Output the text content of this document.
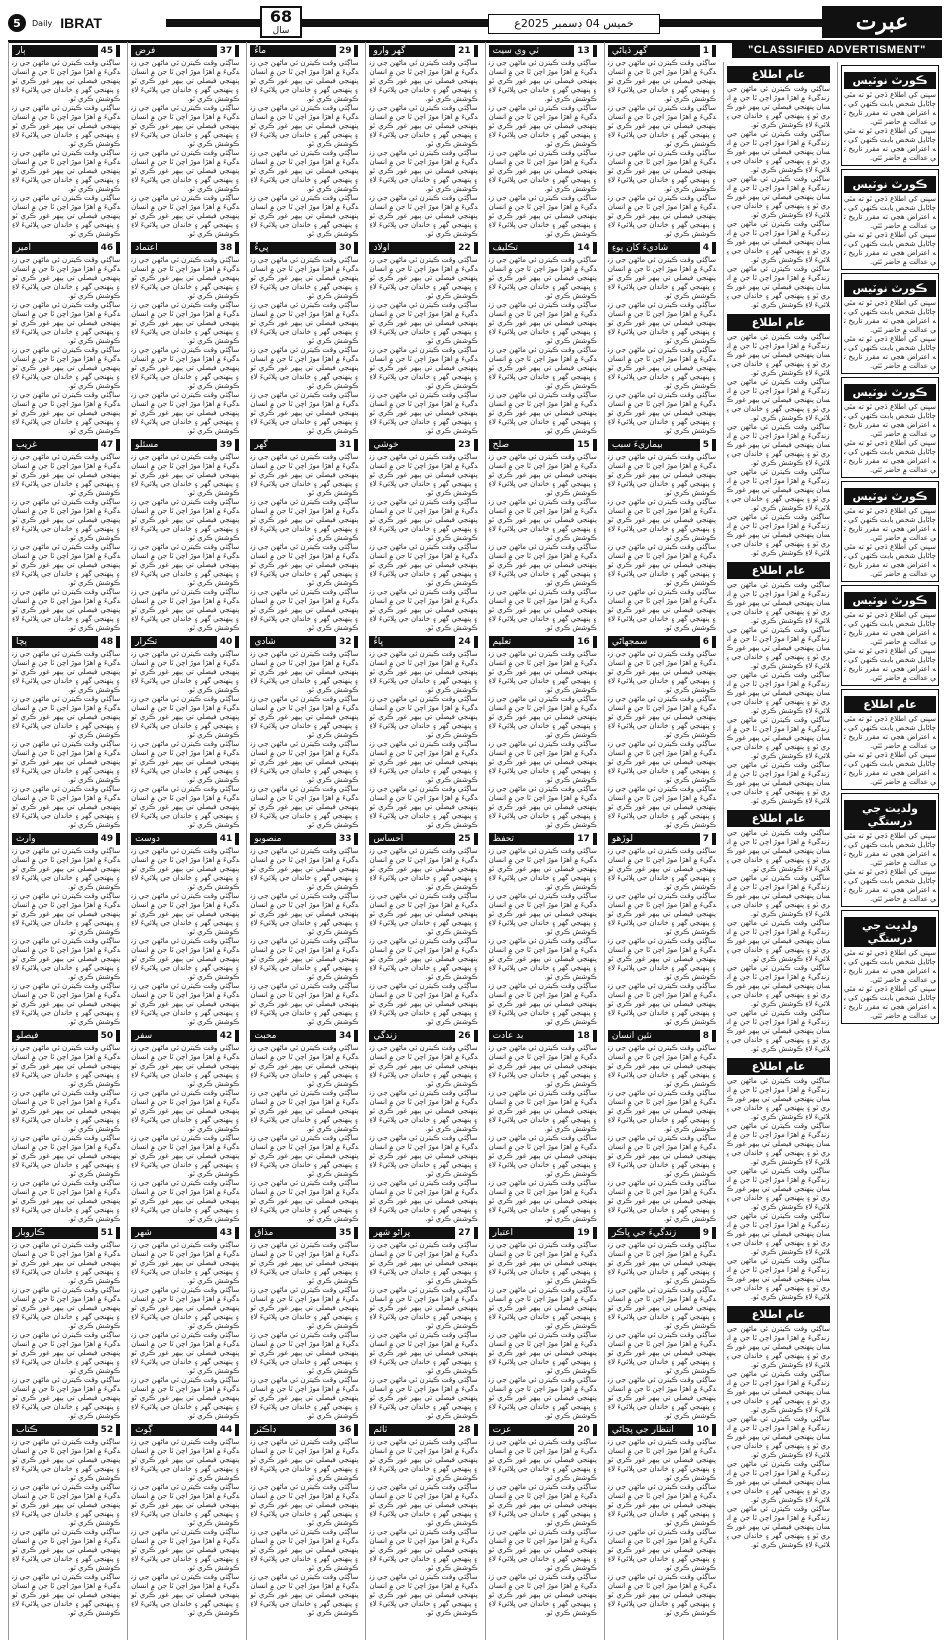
5	Daily IBRAT	68
سال
خميس 04 ڊسمبر 2025ع	عبرت
"CLASSIFIED ADVERTISMENT"
ڪورٽ نوٽيس
سڀني کي اطلاع ڏجي ٿو ته مٿي ڄاڻايل شخص بابت ڪنهن کي به اعتراض هجي ته مقرر تاريخ تي عدالت ۾ حاضر ٿئي.
سڀني کي اطلاع ڏجي ٿو ته مٿي ڄاڻايل شخص بابت ڪنهن کي به اعتراض هجي ته مقرر تاريخ تي عدالت ۾ حاضر ٿئي.
ڪورٽ نوٽيس
سڀني کي اطلاع ڏجي ٿو ته مٿي ڄاڻايل شخص بابت ڪنهن کي به اعتراض هجي ته مقرر تاريخ تي عدالت ۾ حاضر ٿئي.
سڀني کي اطلاع ڏجي ٿو ته مٿي ڄاڻايل شخص بابت ڪنهن کي به اعتراض هجي ته مقرر تاريخ تي عدالت ۾ حاضر ٿئي.
ڪورٽ نوٽيس
سڀني کي اطلاع ڏجي ٿو ته مٿي ڄاڻايل شخص بابت ڪنهن کي به اعتراض هجي ته مقرر تاريخ تي عدالت ۾ حاضر ٿئي.
سڀني کي اطلاع ڏجي ٿو ته مٿي ڄاڻايل شخص بابت ڪنهن کي به اعتراض هجي ته مقرر تاريخ تي عدالت ۾ حاضر ٿئي.
ڪورٽ نوٽيس
سڀني کي اطلاع ڏجي ٿو ته مٿي ڄاڻايل شخص بابت ڪنهن کي به اعتراض هجي ته مقرر تاريخ تي عدالت ۾ حاضر ٿئي.
سڀني کي اطلاع ڏجي ٿو ته مٿي ڄاڻايل شخص بابت ڪنهن کي به اعتراض هجي ته مقرر تاريخ تي عدالت ۾ حاضر ٿئي.
ڪورٽ نوٽيس
سڀني کي اطلاع ڏجي ٿو ته مٿي ڄاڻايل شخص بابت ڪنهن کي به اعتراض هجي ته مقرر تاريخ تي عدالت ۾ حاضر ٿئي.
سڀني کي اطلاع ڏجي ٿو ته مٿي ڄاڻايل شخص بابت ڪنهن کي به اعتراض هجي ته مقرر تاريخ تي عدالت ۾ حاضر ٿئي.
ڪورٽ نوٽيس
سڀني کي اطلاع ڏجي ٿو ته مٿي ڄاڻايل شخص بابت ڪنهن کي به اعتراض هجي ته مقرر تاريخ تي عدالت ۾ حاضر ٿئي.
سڀني کي اطلاع ڏجي ٿو ته مٿي ڄاڻايل شخص بابت ڪنهن کي به اعتراض هجي ته مقرر تاريخ تي عدالت ۾ حاضر ٿئي.
عام اطلاع
سڀني کي اطلاع ڏجي ٿو ته مٿي ڄاڻايل شخص بابت ڪنهن کي به اعتراض هجي ته مقرر تاريخ تي عدالت ۾ حاضر ٿئي.
سڀني کي اطلاع ڏجي ٿو ته مٿي ڄاڻايل شخص بابت ڪنهن کي به اعتراض هجي ته مقرر تاريخ تي عدالت ۾ حاضر ٿئي.
ولديت جي درستگي
سڀني کي اطلاع ڏجي ٿو ته مٿي ڄاڻايل شخص بابت ڪنهن کي به اعتراض هجي ته مقرر تاريخ تي عدالت ۾ حاضر ٿئي.
سڀني کي اطلاع ڏجي ٿو ته مٿي ڄاڻايل شخص بابت ڪنهن کي به اعتراض هجي ته مقرر تاريخ تي عدالت ۾ حاضر ٿئي.
ولديت جي درستگي
سڀني کي اطلاع ڏجي ٿو ته مٿي ڄاڻايل شخص بابت ڪنهن کي به اعتراض هجي ته مقرر تاريخ تي عدالت ۾ حاضر ٿئي.
سڀني کي اطلاع ڏجي ٿو ته مٿي ڄاڻايل شخص بابت ڪنهن کي به اعتراض هجي ته مقرر تاريخ تي عدالت ۾ حاضر ٿئي.
عام اطلاع
ساڳئي وقت ڪيترن ئي ماڻهن جي زندگيءَ ۾ اهڙا موڙ اچن ٿا جن ۾ انسان پنهنجي فيصلي تي ٻيهر غور ڪري ٿو ۽ پنهنجي گهر ۽ خاندان جي ڀلائيءَ لاءِ ڪوشش ڪري ٿو.
ساڳئي وقت ڪيترن ئي ماڻهن جي زندگيءَ ۾ اهڙا موڙ اچن ٿا جن ۾ انسان پنهنجي فيصلي تي ٻيهر غور ڪري ٿو ۽ پنهنجي گهر ۽ خاندان جي ڀلائيءَ لاءِ ڪوشش ڪري ٿو.
ساڳئي وقت ڪيترن ئي ماڻهن جي زندگيءَ ۾ اهڙا موڙ اچن ٿا جن ۾ انسان پنهنجي فيصلي تي ٻيهر غور ڪري ٿو ۽ پنهنجي گهر ۽ خاندان جي ڀلائيءَ لاءِ ڪوشش ڪري ٿو.
ساڳئي وقت ڪيترن ئي ماڻهن جي زندگيءَ ۾ اهڙا موڙ اچن ٿا جن ۾ انسان پنهنجي فيصلي تي ٻيهر غور ڪري ٿو ۽ پنهنجي گهر ۽ خاندان جي ڀلائيءَ لاءِ ڪوشش ڪري ٿو.
ساڳئي وقت ڪيترن ئي ماڻهن جي زندگيءَ ۾ اهڙا موڙ اچن ٿا جن ۾ انسان پنهنجي فيصلي تي ٻيهر غور ڪري ٿو ۽ پنهنجي گهر ۽ خاندان جي ڀلائيءَ لاءِ ڪوشش ڪري ٿو.
عام اطلاع
ساڳئي وقت ڪيترن ئي ماڻهن جي زندگيءَ ۾ اهڙا موڙ اچن ٿا جن ۾ انسان پنهنجي فيصلي تي ٻيهر غور ڪري ٿو ۽ پنهنجي گهر ۽ خاندان جي ڀلائيءَ لاءِ ڪوشش ڪري ٿو.
ساڳئي وقت ڪيترن ئي ماڻهن جي زندگيءَ ۾ اهڙا موڙ اچن ٿا جن ۾ انسان پنهنجي فيصلي تي ٻيهر غور ڪري ٿو ۽ پنهنجي گهر ۽ خاندان جي ڀلائيءَ لاءِ ڪوشش ڪري ٿو.
ساڳئي وقت ڪيترن ئي ماڻهن جي زندگيءَ ۾ اهڙا موڙ اچن ٿا جن ۾ انسان پنهنجي فيصلي تي ٻيهر غور ڪري ٿو ۽ پنهنجي گهر ۽ خاندان جي ڀلائيءَ لاءِ ڪوشش ڪري ٿو.
ساڳئي وقت ڪيترن ئي ماڻهن جي زندگيءَ ۾ اهڙا موڙ اچن ٿا جن ۾ انسان پنهنجي فيصلي تي ٻيهر غور ڪري ٿو ۽ پنهنجي گهر ۽ خاندان جي ڀلائيءَ لاءِ ڪوشش ڪري ٿو.
ساڳئي وقت ڪيترن ئي ماڻهن جي زندگيءَ ۾ اهڙا موڙ اچن ٿا جن ۾ انسان پنهنجي فيصلي تي ٻيهر غور ڪري ٿو ۽ پنهنجي گهر ۽ خاندان جي ڀلائيءَ لاءِ ڪوشش ڪري ٿو.
عام اطلاع
ساڳئي وقت ڪيترن ئي ماڻهن جي زندگيءَ ۾ اهڙا موڙ اچن ٿا جن ۾ انسان پنهنجي فيصلي تي ٻيهر غور ڪري ٿو ۽ پنهنجي گهر ۽ خاندان جي ڀلائيءَ لاءِ ڪوشش ڪري ٿو.
ساڳئي وقت ڪيترن ئي ماڻهن جي زندگيءَ ۾ اهڙا موڙ اچن ٿا جن ۾ انسان پنهنجي فيصلي تي ٻيهر غور ڪري ٿو ۽ پنهنجي گهر ۽ خاندان جي ڀلائيءَ لاءِ ڪوشش ڪري ٿو.
ساڳئي وقت ڪيترن ئي ماڻهن جي زندگيءَ ۾ اهڙا موڙ اچن ٿا جن ۾ انسان پنهنجي فيصلي تي ٻيهر غور ڪري ٿو ۽ پنهنجي گهر ۽ خاندان جي ڀلائيءَ لاءِ ڪوشش ڪري ٿو.
ساڳئي وقت ڪيترن ئي ماڻهن جي زندگيءَ ۾ اهڙا موڙ اچن ٿا جن ۾ انسان پنهنجي فيصلي تي ٻيهر غور ڪري ٿو ۽ پنهنجي گهر ۽ خاندان جي ڀلائيءَ لاءِ ڪوشش ڪري ٿو.
ساڳئي وقت ڪيترن ئي ماڻهن جي زندگيءَ ۾ اهڙا موڙ اچن ٿا جن ۾ انسان پنهنجي فيصلي تي ٻيهر غور ڪري ٿو ۽ پنهنجي گهر ۽ خاندان جي ڀلائيءَ لاءِ ڪوشش ڪري ٿو.
عام اطلاع
ساڳئي وقت ڪيترن ئي ماڻهن جي زندگيءَ ۾ اهڙا موڙ اچن ٿا جن ۾ انسان پنهنجي فيصلي تي ٻيهر غور ڪري ٿو ۽ پنهنجي گهر ۽ خاندان جي ڀلائيءَ لاءِ ڪوشش ڪري ٿو.
ساڳئي وقت ڪيترن ئي ماڻهن جي زندگيءَ ۾ اهڙا موڙ اچن ٿا جن ۾ انسان پنهنجي فيصلي تي ٻيهر غور ڪري ٿو ۽ پنهنجي گهر ۽ خاندان جي ڀلائيءَ لاءِ ڪوشش ڪري ٿو.
ساڳئي وقت ڪيترن ئي ماڻهن جي زندگيءَ ۾ اهڙا موڙ اچن ٿا جن ۾ انسان پنهنجي فيصلي تي ٻيهر غور ڪري ٿو ۽ پنهنجي گهر ۽ خاندان جي ڀلائيءَ لاءِ ڪوشش ڪري ٿو.
ساڳئي وقت ڪيترن ئي ماڻهن جي زندگيءَ ۾ اهڙا موڙ اچن ٿا جن ۾ انسان پنهنجي فيصلي تي ٻيهر غور ڪري ٿو ۽ پنهنجي گهر ۽ خاندان جي ڀلائيءَ لاءِ ڪوشش ڪري ٿو.
ساڳئي وقت ڪيترن ئي ماڻهن جي زندگيءَ ۾ اهڙا موڙ اچن ٿا جن ۾ انسان پنهنجي فيصلي تي ٻيهر غور ڪري ٿو ۽ پنهنجي گهر ۽ خاندان جي ڀلائيءَ لاءِ ڪوشش ڪري ٿو.
عام اطلاع
ساڳئي وقت ڪيترن ئي ماڻهن جي زندگيءَ ۾ اهڙا موڙ اچن ٿا جن ۾ انسان پنهنجي فيصلي تي ٻيهر غور ڪري ٿو ۽ پنهنجي گهر ۽ خاندان جي ڀلائيءَ لاءِ ڪوشش ڪري ٿو.
ساڳئي وقت ڪيترن ئي ماڻهن جي زندگيءَ ۾ اهڙا موڙ اچن ٿا جن ۾ انسان پنهنجي فيصلي تي ٻيهر غور ڪري ٿو ۽ پنهنجي گهر ۽ خاندان جي ڀلائيءَ لاءِ ڪوشش ڪري ٿو.
ساڳئي وقت ڪيترن ئي ماڻهن جي زندگيءَ ۾ اهڙا موڙ اچن ٿا جن ۾ انسان پنهنجي فيصلي تي ٻيهر غور ڪري ٿو ۽ پنهنجي گهر ۽ خاندان جي ڀلائيءَ لاءِ ڪوشش ڪري ٿو.
ساڳئي وقت ڪيترن ئي ماڻهن جي زندگيءَ ۾ اهڙا موڙ اچن ٿا جن ۾ انسان پنهنجي فيصلي تي ٻيهر غور ڪري ٿو ۽ پنهنجي گهر ۽ خاندان جي ڀلائيءَ لاءِ ڪوشش ڪري ٿو.
ساڳئي وقت ڪيترن ئي ماڻهن جي زندگيءَ ۾ اهڙا موڙ اچن ٿا جن ۾ انسان پنهنجي فيصلي تي ٻيهر غور ڪري ٿو ۽ پنهنجي گهر ۽ خاندان جي ڀلائيءَ لاءِ ڪوشش ڪري ٿو.
عام اطلاع
ساڳئي وقت ڪيترن ئي ماڻهن جي زندگيءَ ۾ اهڙا موڙ اچن ٿا جن ۾ انسان پنهنجي فيصلي تي ٻيهر غور ڪري ٿو ۽ پنهنجي گهر ۽ خاندان جي ڀلائيءَ لاءِ ڪوشش ڪري ٿو.
ساڳئي وقت ڪيترن ئي ماڻهن جي زندگيءَ ۾ اهڙا موڙ اچن ٿا جن ۾ انسان پنهنجي فيصلي تي ٻيهر غور ڪري ٿو ۽ پنهنجي گهر ۽ خاندان جي ڀلائيءَ لاءِ ڪوشش ڪري ٿو.
ساڳئي وقت ڪيترن ئي ماڻهن جي زندگيءَ ۾ اهڙا موڙ اچن ٿا جن ۾ انسان پنهنجي فيصلي تي ٻيهر غور ڪري ٿو ۽ پنهنجي گهر ۽ خاندان جي ڀلائيءَ لاءِ ڪوشش ڪري ٿو.
ساڳئي وقت ڪيترن ئي ماڻهن جي زندگيءَ ۾ اهڙا موڙ اچن ٿا جن ۾ انسان پنهنجي فيصلي تي ٻيهر غور ڪري ٿو ۽ پنهنجي گهر ۽ خاندان جي ڀلائيءَ لاءِ ڪوشش ڪري ٿو.
ساڳئي وقت ڪيترن ئي ماڻهن جي زندگيءَ ۾ اهڙا موڙ اچن ٿا جن ۾ انسان پنهنجي فيصلي تي ٻيهر غور ڪري ٿو ۽ پنهنجي گهر ۽ خاندان جي ڀلائيءَ لاءِ ڪوشش ڪري ٿو.
1
گهر ڌياڻي
ساڳئي وقت ڪيترن ئي ماڻهن جي زندگيءَ ۾ اهڙا موڙ اچن ٿا جن ۾ انسان پنهنجي فيصلي تي ٻيهر غور ڪري ٿو ۽ پنهنجي گهر ۽ خاندان جي ڀلائيءَ لاءِ ڪوشش ڪري ٿو.
ساڳئي وقت ڪيترن ئي ماڻهن جي زندگيءَ ۾ اهڙا موڙ اچن ٿا جن ۾ انسان پنهنجي فيصلي تي ٻيهر غور ڪري ٿو ۽ پنهنجي گهر ۽ خاندان جي ڀلائيءَ لاءِ ڪوشش ڪري ٿو.
ساڳئي وقت ڪيترن ئي ماڻهن جي زندگيءَ ۾ اهڙا موڙ اچن ٿا جن ۾ انسان پنهنجي فيصلي تي ٻيهر غور ڪري ٿو ۽ پنهنجي گهر ۽ خاندان جي ڀلائيءَ لاءِ ڪوشش ڪري ٿو.
ساڳئي وقت ڪيترن ئي ماڻهن جي زندگيءَ ۾ اهڙا موڙ اچن ٿا جن ۾ انسان پنهنجي فيصلي تي ٻيهر غور ڪري ٿو ۽ پنهنجي گهر ۽ خاندان جي ڀلائيءَ لاءِ ڪوشش ڪري ٿو.
4
شاديءَ کان پوءِ
ساڳئي وقت ڪيترن ئي ماڻهن جي زندگيءَ ۾ اهڙا موڙ اچن ٿا جن ۾ انسان پنهنجي فيصلي تي ٻيهر غور ڪري ٿو ۽ پنهنجي گهر ۽ خاندان جي ڀلائيءَ لاءِ ڪوشش ڪري ٿو.
ساڳئي وقت ڪيترن ئي ماڻهن جي زندگيءَ ۾ اهڙا موڙ اچن ٿا جن ۾ انسان پنهنجي فيصلي تي ٻيهر غور ڪري ٿو ۽ پنهنجي گهر ۽ خاندان جي ڀلائيءَ لاءِ ڪوشش ڪري ٿو.
ساڳئي وقت ڪيترن ئي ماڻهن جي زندگيءَ ۾ اهڙا موڙ اچن ٿا جن ۾ انسان پنهنجي فيصلي تي ٻيهر غور ڪري ٿو ۽ پنهنجي گهر ۽ خاندان جي ڀلائيءَ لاءِ ڪوشش ڪري ٿو.
ساڳئي وقت ڪيترن ئي ماڻهن جي زندگيءَ ۾ اهڙا موڙ اچن ٿا جن ۾ انسان پنهنجي فيصلي تي ٻيهر غور ڪري ٿو ۽ پنهنجي گهر ۽ خاندان جي ڀلائيءَ لاءِ ڪوشش ڪري ٿو.
5
بيماريءَ سبب
ساڳئي وقت ڪيترن ئي ماڻهن جي زندگيءَ ۾ اهڙا موڙ اچن ٿا جن ۾ انسان پنهنجي فيصلي تي ٻيهر غور ڪري ٿو ۽ پنهنجي گهر ۽ خاندان جي ڀلائيءَ لاءِ ڪوشش ڪري ٿو.
ساڳئي وقت ڪيترن ئي ماڻهن جي زندگيءَ ۾ اهڙا موڙ اچن ٿا جن ۾ انسان پنهنجي فيصلي تي ٻيهر غور ڪري ٿو ۽ پنهنجي گهر ۽ خاندان جي ڀلائيءَ لاءِ ڪوشش ڪري ٿو.
ساڳئي وقت ڪيترن ئي ماڻهن جي زندگيءَ ۾ اهڙا موڙ اچن ٿا جن ۾ انسان پنهنجي فيصلي تي ٻيهر غور ڪري ٿو ۽ پنهنجي گهر ۽ خاندان جي ڀلائيءَ لاءِ ڪوشش ڪري ٿو.
ساڳئي وقت ڪيترن ئي ماڻهن جي زندگيءَ ۾ اهڙا موڙ اچن ٿا جن ۾ انسان پنهنجي فيصلي تي ٻيهر غور ڪري ٿو ۽ پنهنجي گهر ۽ خاندان جي ڀلائيءَ لاءِ ڪوشش ڪري ٿو.
6
سمجهاڻي
ساڳئي وقت ڪيترن ئي ماڻهن جي زندگيءَ ۾ اهڙا موڙ اچن ٿا جن ۾ انسان پنهنجي فيصلي تي ٻيهر غور ڪري ٿو ۽ پنهنجي گهر ۽ خاندان جي ڀلائيءَ لاءِ ڪوشش ڪري ٿو.
ساڳئي وقت ڪيترن ئي ماڻهن جي زندگيءَ ۾ اهڙا موڙ اچن ٿا جن ۾ انسان پنهنجي فيصلي تي ٻيهر غور ڪري ٿو ۽ پنهنجي گهر ۽ خاندان جي ڀلائيءَ لاءِ ڪوشش ڪري ٿو.
ساڳئي وقت ڪيترن ئي ماڻهن جي زندگيءَ ۾ اهڙا موڙ اچن ٿا جن ۾ انسان پنهنجي فيصلي تي ٻيهر غور ڪري ٿو ۽ پنهنجي گهر ۽ خاندان جي ڀلائيءَ لاءِ ڪوشش ڪري ٿو.
ساڳئي وقت ڪيترن ئي ماڻهن جي زندگيءَ ۾ اهڙا موڙ اچن ٿا جن ۾ انسان پنهنجي فيصلي تي ٻيهر غور ڪري ٿو ۽ پنهنجي گهر ۽ خاندان جي ڀلائيءَ لاءِ ڪوشش ڪري ٿو.
7
لوڙهو
ساڳئي وقت ڪيترن ئي ماڻهن جي زندگيءَ ۾ اهڙا موڙ اچن ٿا جن ۾ انسان پنهنجي فيصلي تي ٻيهر غور ڪري ٿو ۽ پنهنجي گهر ۽ خاندان جي ڀلائيءَ لاءِ ڪوشش ڪري ٿو.
ساڳئي وقت ڪيترن ئي ماڻهن جي زندگيءَ ۾ اهڙا موڙ اچن ٿا جن ۾ انسان پنهنجي فيصلي تي ٻيهر غور ڪري ٿو ۽ پنهنجي گهر ۽ خاندان جي ڀلائيءَ لاءِ ڪوشش ڪري ٿو.
ساڳئي وقت ڪيترن ئي ماڻهن جي زندگيءَ ۾ اهڙا موڙ اچن ٿا جن ۾ انسان پنهنجي فيصلي تي ٻيهر غور ڪري ٿو ۽ پنهنجي گهر ۽ خاندان جي ڀلائيءَ لاءِ ڪوشش ڪري ٿو.
ساڳئي وقت ڪيترن ئي ماڻهن جي زندگيءَ ۾ اهڙا موڙ اچن ٿا جن ۾ انسان پنهنجي فيصلي تي ٻيهر غور ڪري ٿو ۽ پنهنجي گهر ۽ خاندان جي ڀلائيءَ لاءِ ڪوشش ڪري ٿو.
8
نئين انسان
ساڳئي وقت ڪيترن ئي ماڻهن جي زندگيءَ ۾ اهڙا موڙ اچن ٿا جن ۾ انسان پنهنجي فيصلي تي ٻيهر غور ڪري ٿو ۽ پنهنجي گهر ۽ خاندان جي ڀلائيءَ لاءِ ڪوشش ڪري ٿو.
ساڳئي وقت ڪيترن ئي ماڻهن جي زندگيءَ ۾ اهڙا موڙ اچن ٿا جن ۾ انسان پنهنجي فيصلي تي ٻيهر غور ڪري ٿو ۽ پنهنجي گهر ۽ خاندان جي ڀلائيءَ لاءِ ڪوشش ڪري ٿو.
ساڳئي وقت ڪيترن ئي ماڻهن جي زندگيءَ ۾ اهڙا موڙ اچن ٿا جن ۾ انسان پنهنجي فيصلي تي ٻيهر غور ڪري ٿو ۽ پنهنجي گهر ۽ خاندان جي ڀلائيءَ لاءِ ڪوشش ڪري ٿو.
ساڳئي وقت ڪيترن ئي ماڻهن جي زندگيءَ ۾ اهڙا موڙ اچن ٿا جن ۾ انسان پنهنجي فيصلي تي ٻيهر غور ڪري ٿو ۽ پنهنجي گهر ۽ خاندان جي ڀلائيءَ لاءِ ڪوشش ڪري ٿو.
9
زندگيءَ جي ڀاڪر
ساڳئي وقت ڪيترن ئي ماڻهن جي زندگيءَ ۾ اهڙا موڙ اچن ٿا جن ۾ انسان پنهنجي فيصلي تي ٻيهر غور ڪري ٿو ۽ پنهنجي گهر ۽ خاندان جي ڀلائيءَ لاءِ ڪوشش ڪري ٿو.
ساڳئي وقت ڪيترن ئي ماڻهن جي زندگيءَ ۾ اهڙا موڙ اچن ٿا جن ۾ انسان پنهنجي فيصلي تي ٻيهر غور ڪري ٿو ۽ پنهنجي گهر ۽ خاندان جي ڀلائيءَ لاءِ ڪوشش ڪري ٿو.
ساڳئي وقت ڪيترن ئي ماڻهن جي زندگيءَ ۾ اهڙا موڙ اچن ٿا جن ۾ انسان پنهنجي فيصلي تي ٻيهر غور ڪري ٿو ۽ پنهنجي گهر ۽ خاندان جي ڀلائيءَ لاءِ ڪوشش ڪري ٿو.
ساڳئي وقت ڪيترن ئي ماڻهن جي زندگيءَ ۾ اهڙا موڙ اچن ٿا جن ۾ انسان پنهنجي فيصلي تي ٻيهر غور ڪري ٿو ۽ پنهنجي گهر ۽ خاندان جي ڀلائيءَ لاءِ ڪوشش ڪري ٿو.
10
انتظار جي پڄاڻي
ساڳئي وقت ڪيترن ئي ماڻهن جي زندگيءَ ۾ اهڙا موڙ اچن ٿا جن ۾ انسان پنهنجي فيصلي تي ٻيهر غور ڪري ٿو ۽ پنهنجي گهر ۽ خاندان جي ڀلائيءَ لاءِ ڪوشش ڪري ٿو.
ساڳئي وقت ڪيترن ئي ماڻهن جي زندگيءَ ۾ اهڙا موڙ اچن ٿا جن ۾ انسان پنهنجي فيصلي تي ٻيهر غور ڪري ٿو ۽ پنهنجي گهر ۽ خاندان جي ڀلائيءَ لاءِ ڪوشش ڪري ٿو.
ساڳئي وقت ڪيترن ئي ماڻهن جي زندگيءَ ۾ اهڙا موڙ اچن ٿا جن ۾ انسان پنهنجي فيصلي تي ٻيهر غور ڪري ٿو ۽ پنهنجي گهر ۽ خاندان جي ڀلائيءَ لاءِ ڪوشش ڪري ٿو.
ساڳئي وقت ڪيترن ئي ماڻهن جي زندگيءَ ۾ اهڙا موڙ اچن ٿا جن ۾ انسان پنهنجي فيصلي تي ٻيهر غور ڪري ٿو ۽ پنهنجي گهر ۽ خاندان جي ڀلائيءَ لاءِ ڪوشش ڪري ٿو.
13
ٽي وي سيٽ
ساڳئي وقت ڪيترن ئي ماڻهن جي زندگيءَ ۾ اهڙا موڙ اچن ٿا جن ۾ انسان پنهنجي فيصلي تي ٻيهر غور ڪري ٿو ۽ پنهنجي گهر ۽ خاندان جي ڀلائيءَ لاءِ ڪوشش ڪري ٿو.
ساڳئي وقت ڪيترن ئي ماڻهن جي زندگيءَ ۾ اهڙا موڙ اچن ٿا جن ۾ انسان پنهنجي فيصلي تي ٻيهر غور ڪري ٿو ۽ پنهنجي گهر ۽ خاندان جي ڀلائيءَ لاءِ ڪوشش ڪري ٿو.
ساڳئي وقت ڪيترن ئي ماڻهن جي زندگيءَ ۾ اهڙا موڙ اچن ٿا جن ۾ انسان پنهنجي فيصلي تي ٻيهر غور ڪري ٿو ۽ پنهنجي گهر ۽ خاندان جي ڀلائيءَ لاءِ ڪوشش ڪري ٿو.
ساڳئي وقت ڪيترن ئي ماڻهن جي زندگيءَ ۾ اهڙا موڙ اچن ٿا جن ۾ انسان پنهنجي فيصلي تي ٻيهر غور ڪري ٿو ۽ پنهنجي گهر ۽ خاندان جي ڀلائيءَ لاءِ ڪوشش ڪري ٿو.
14
تڪليف
ساڳئي وقت ڪيترن ئي ماڻهن جي زندگيءَ ۾ اهڙا موڙ اچن ٿا جن ۾ انسان پنهنجي فيصلي تي ٻيهر غور ڪري ٿو ۽ پنهنجي گهر ۽ خاندان جي ڀلائيءَ لاءِ ڪوشش ڪري ٿو.
ساڳئي وقت ڪيترن ئي ماڻهن جي زندگيءَ ۾ اهڙا موڙ اچن ٿا جن ۾ انسان پنهنجي فيصلي تي ٻيهر غور ڪري ٿو ۽ پنهنجي گهر ۽ خاندان جي ڀلائيءَ لاءِ ڪوشش ڪري ٿو.
ساڳئي وقت ڪيترن ئي ماڻهن جي زندگيءَ ۾ اهڙا موڙ اچن ٿا جن ۾ انسان پنهنجي فيصلي تي ٻيهر غور ڪري ٿو ۽ پنهنجي گهر ۽ خاندان جي ڀلائيءَ لاءِ ڪوشش ڪري ٿو.
ساڳئي وقت ڪيترن ئي ماڻهن جي زندگيءَ ۾ اهڙا موڙ اچن ٿا جن ۾ انسان پنهنجي فيصلي تي ٻيهر غور ڪري ٿو ۽ پنهنجي گهر ۽ خاندان جي ڀلائيءَ لاءِ ڪوشش ڪري ٿو.
15
صلح
ساڳئي وقت ڪيترن ئي ماڻهن جي زندگيءَ ۾ اهڙا موڙ اچن ٿا جن ۾ انسان پنهنجي فيصلي تي ٻيهر غور ڪري ٿو ۽ پنهنجي گهر ۽ خاندان جي ڀلائيءَ لاءِ ڪوشش ڪري ٿو.
ساڳئي وقت ڪيترن ئي ماڻهن جي زندگيءَ ۾ اهڙا موڙ اچن ٿا جن ۾ انسان پنهنجي فيصلي تي ٻيهر غور ڪري ٿو ۽ پنهنجي گهر ۽ خاندان جي ڀلائيءَ لاءِ ڪوشش ڪري ٿو.
ساڳئي وقت ڪيترن ئي ماڻهن جي زندگيءَ ۾ اهڙا موڙ اچن ٿا جن ۾ انسان پنهنجي فيصلي تي ٻيهر غور ڪري ٿو ۽ پنهنجي گهر ۽ خاندان جي ڀلائيءَ لاءِ ڪوشش ڪري ٿو.
ساڳئي وقت ڪيترن ئي ماڻهن جي زندگيءَ ۾ اهڙا موڙ اچن ٿا جن ۾ انسان پنهنجي فيصلي تي ٻيهر غور ڪري ٿو ۽ پنهنجي گهر ۽ خاندان جي ڀلائيءَ لاءِ ڪوشش ڪري ٿو.
16
تعليم
ساڳئي وقت ڪيترن ئي ماڻهن جي زندگيءَ ۾ اهڙا موڙ اچن ٿا جن ۾ انسان پنهنجي فيصلي تي ٻيهر غور ڪري ٿو ۽ پنهنجي گهر ۽ خاندان جي ڀلائيءَ لاءِ ڪوشش ڪري ٿو.
ساڳئي وقت ڪيترن ئي ماڻهن جي زندگيءَ ۾ اهڙا موڙ اچن ٿا جن ۾ انسان پنهنجي فيصلي تي ٻيهر غور ڪري ٿو ۽ پنهنجي گهر ۽ خاندان جي ڀلائيءَ لاءِ ڪوشش ڪري ٿو.
ساڳئي وقت ڪيترن ئي ماڻهن جي زندگيءَ ۾ اهڙا موڙ اچن ٿا جن ۾ انسان پنهنجي فيصلي تي ٻيهر غور ڪري ٿو ۽ پنهنجي گهر ۽ خاندان جي ڀلائيءَ لاءِ ڪوشش ڪري ٿو.
ساڳئي وقت ڪيترن ئي ماڻهن جي زندگيءَ ۾ اهڙا موڙ اچن ٿا جن ۾ انسان پنهنجي فيصلي تي ٻيهر غور ڪري ٿو ۽ پنهنجي گهر ۽ خاندان جي ڀلائيءَ لاءِ ڪوشش ڪري ٿو.
17
تحفظ
ساڳئي وقت ڪيترن ئي ماڻهن جي زندگيءَ ۾ اهڙا موڙ اچن ٿا جن ۾ انسان پنهنجي فيصلي تي ٻيهر غور ڪري ٿو ۽ پنهنجي گهر ۽ خاندان جي ڀلائيءَ لاءِ ڪوشش ڪري ٿو.
ساڳئي وقت ڪيترن ئي ماڻهن جي زندگيءَ ۾ اهڙا موڙ اچن ٿا جن ۾ انسان پنهنجي فيصلي تي ٻيهر غور ڪري ٿو ۽ پنهنجي گهر ۽ خاندان جي ڀلائيءَ لاءِ ڪوشش ڪري ٿو.
ساڳئي وقت ڪيترن ئي ماڻهن جي زندگيءَ ۾ اهڙا موڙ اچن ٿا جن ۾ انسان پنهنجي فيصلي تي ٻيهر غور ڪري ٿو ۽ پنهنجي گهر ۽ خاندان جي ڀلائيءَ لاءِ ڪوشش ڪري ٿو.
ساڳئي وقت ڪيترن ئي ماڻهن جي زندگيءَ ۾ اهڙا موڙ اچن ٿا جن ۾ انسان پنهنجي فيصلي تي ٻيهر غور ڪري ٿو ۽ پنهنجي گهر ۽ خاندان جي ڀلائيءَ لاءِ ڪوشش ڪري ٿو.
18
بد عادت
ساڳئي وقت ڪيترن ئي ماڻهن جي زندگيءَ ۾ اهڙا موڙ اچن ٿا جن ۾ انسان پنهنجي فيصلي تي ٻيهر غور ڪري ٿو ۽ پنهنجي گهر ۽ خاندان جي ڀلائيءَ لاءِ ڪوشش ڪري ٿو.
ساڳئي وقت ڪيترن ئي ماڻهن جي زندگيءَ ۾ اهڙا موڙ اچن ٿا جن ۾ انسان پنهنجي فيصلي تي ٻيهر غور ڪري ٿو ۽ پنهنجي گهر ۽ خاندان جي ڀلائيءَ لاءِ ڪوشش ڪري ٿو.
ساڳئي وقت ڪيترن ئي ماڻهن جي زندگيءَ ۾ اهڙا موڙ اچن ٿا جن ۾ انسان پنهنجي فيصلي تي ٻيهر غور ڪري ٿو ۽ پنهنجي گهر ۽ خاندان جي ڀلائيءَ لاءِ ڪوشش ڪري ٿو.
ساڳئي وقت ڪيترن ئي ماڻهن جي زندگيءَ ۾ اهڙا موڙ اچن ٿا جن ۾ انسان پنهنجي فيصلي تي ٻيهر غور ڪري ٿو ۽ پنهنجي گهر ۽ خاندان جي ڀلائيءَ لاءِ ڪوشش ڪري ٿو.
19
اعتبار
ساڳئي وقت ڪيترن ئي ماڻهن جي زندگيءَ ۾ اهڙا موڙ اچن ٿا جن ۾ انسان پنهنجي فيصلي تي ٻيهر غور ڪري ٿو ۽ پنهنجي گهر ۽ خاندان جي ڀلائيءَ لاءِ ڪوشش ڪري ٿو.
ساڳئي وقت ڪيترن ئي ماڻهن جي زندگيءَ ۾ اهڙا موڙ اچن ٿا جن ۾ انسان پنهنجي فيصلي تي ٻيهر غور ڪري ٿو ۽ پنهنجي گهر ۽ خاندان جي ڀلائيءَ لاءِ ڪوشش ڪري ٿو.
ساڳئي وقت ڪيترن ئي ماڻهن جي زندگيءَ ۾ اهڙا موڙ اچن ٿا جن ۾ انسان پنهنجي فيصلي تي ٻيهر غور ڪري ٿو ۽ پنهنجي گهر ۽ خاندان جي ڀلائيءَ لاءِ ڪوشش ڪري ٿو.
ساڳئي وقت ڪيترن ئي ماڻهن جي زندگيءَ ۾ اهڙا موڙ اچن ٿا جن ۾ انسان پنهنجي فيصلي تي ٻيهر غور ڪري ٿو ۽ پنهنجي گهر ۽ خاندان جي ڀلائيءَ لاءِ ڪوشش ڪري ٿو.
20
عزت
ساڳئي وقت ڪيترن ئي ماڻهن جي زندگيءَ ۾ اهڙا موڙ اچن ٿا جن ۾ انسان پنهنجي فيصلي تي ٻيهر غور ڪري ٿو ۽ پنهنجي گهر ۽ خاندان جي ڀلائيءَ لاءِ ڪوشش ڪري ٿو.
ساڳئي وقت ڪيترن ئي ماڻهن جي زندگيءَ ۾ اهڙا موڙ اچن ٿا جن ۾ انسان پنهنجي فيصلي تي ٻيهر غور ڪري ٿو ۽ پنهنجي گهر ۽ خاندان جي ڀلائيءَ لاءِ ڪوشش ڪري ٿو.
ساڳئي وقت ڪيترن ئي ماڻهن جي زندگيءَ ۾ اهڙا موڙ اچن ٿا جن ۾ انسان پنهنجي فيصلي تي ٻيهر غور ڪري ٿو ۽ پنهنجي گهر ۽ خاندان جي ڀلائيءَ لاءِ ڪوشش ڪري ٿو.
ساڳئي وقت ڪيترن ئي ماڻهن جي زندگيءَ ۾ اهڙا موڙ اچن ٿا جن ۾ انسان پنهنجي فيصلي تي ٻيهر غور ڪري ٿو ۽ پنهنجي گهر ۽ خاندان جي ڀلائيءَ لاءِ ڪوشش ڪري ٿو.
21
گهر وارو
ساڳئي وقت ڪيترن ئي ماڻهن جي زندگيءَ ۾ اهڙا موڙ اچن ٿا جن ۾ انسان پنهنجي فيصلي تي ٻيهر غور ڪري ٿو ۽ پنهنجي گهر ۽ خاندان جي ڀلائيءَ لاءِ ڪوشش ڪري ٿو.
ساڳئي وقت ڪيترن ئي ماڻهن جي زندگيءَ ۾ اهڙا موڙ اچن ٿا جن ۾ انسان پنهنجي فيصلي تي ٻيهر غور ڪري ٿو ۽ پنهنجي گهر ۽ خاندان جي ڀلائيءَ لاءِ ڪوشش ڪري ٿو.
ساڳئي وقت ڪيترن ئي ماڻهن جي زندگيءَ ۾ اهڙا موڙ اچن ٿا جن ۾ انسان پنهنجي فيصلي تي ٻيهر غور ڪري ٿو ۽ پنهنجي گهر ۽ خاندان جي ڀلائيءَ لاءِ ڪوشش ڪري ٿو.
ساڳئي وقت ڪيترن ئي ماڻهن جي زندگيءَ ۾ اهڙا موڙ اچن ٿا جن ۾ انسان پنهنجي فيصلي تي ٻيهر غور ڪري ٿو ۽ پنهنجي گهر ۽ خاندان جي ڀلائيءَ لاءِ ڪوشش ڪري ٿو.
22
اولاد
ساڳئي وقت ڪيترن ئي ماڻهن جي زندگيءَ ۾ اهڙا موڙ اچن ٿا جن ۾ انسان پنهنجي فيصلي تي ٻيهر غور ڪري ٿو ۽ پنهنجي گهر ۽ خاندان جي ڀلائيءَ لاءِ ڪوشش ڪري ٿو.
ساڳئي وقت ڪيترن ئي ماڻهن جي زندگيءَ ۾ اهڙا موڙ اچن ٿا جن ۾ انسان پنهنجي فيصلي تي ٻيهر غور ڪري ٿو ۽ پنهنجي گهر ۽ خاندان جي ڀلائيءَ لاءِ ڪوشش ڪري ٿو.
ساڳئي وقت ڪيترن ئي ماڻهن جي زندگيءَ ۾ اهڙا موڙ اچن ٿا جن ۾ انسان پنهنجي فيصلي تي ٻيهر غور ڪري ٿو ۽ پنهنجي گهر ۽ خاندان جي ڀلائيءَ لاءِ ڪوشش ڪري ٿو.
ساڳئي وقت ڪيترن ئي ماڻهن جي زندگيءَ ۾ اهڙا موڙ اچن ٿا جن ۾ انسان پنهنجي فيصلي تي ٻيهر غور ڪري ٿو ۽ پنهنجي گهر ۽ خاندان جي ڀلائيءَ لاءِ ڪوشش ڪري ٿو.
23
خوشي
ساڳئي وقت ڪيترن ئي ماڻهن جي زندگيءَ ۾ اهڙا موڙ اچن ٿا جن ۾ انسان پنهنجي فيصلي تي ٻيهر غور ڪري ٿو ۽ پنهنجي گهر ۽ خاندان جي ڀلائيءَ لاءِ ڪوشش ڪري ٿو.
ساڳئي وقت ڪيترن ئي ماڻهن جي زندگيءَ ۾ اهڙا موڙ اچن ٿا جن ۾ انسان پنهنجي فيصلي تي ٻيهر غور ڪري ٿو ۽ پنهنجي گهر ۽ خاندان جي ڀلائيءَ لاءِ ڪوشش ڪري ٿو.
ساڳئي وقت ڪيترن ئي ماڻهن جي زندگيءَ ۾ اهڙا موڙ اچن ٿا جن ۾ انسان پنهنجي فيصلي تي ٻيهر غور ڪري ٿو ۽ پنهنجي گهر ۽ خاندان جي ڀلائيءَ لاءِ ڪوشش ڪري ٿو.
ساڳئي وقت ڪيترن ئي ماڻهن جي زندگيءَ ۾ اهڙا موڙ اچن ٿا جن ۾ انسان پنهنجي فيصلي تي ٻيهر غور ڪري ٿو ۽ پنهنجي گهر ۽ خاندان جي ڀلائيءَ لاءِ ڪوشش ڪري ٿو.
24
ڀاءُ
ساڳئي وقت ڪيترن ئي ماڻهن جي زندگيءَ ۾ اهڙا موڙ اچن ٿا جن ۾ انسان پنهنجي فيصلي تي ٻيهر غور ڪري ٿو ۽ پنهنجي گهر ۽ خاندان جي ڀلائيءَ لاءِ ڪوشش ڪري ٿو.
ساڳئي وقت ڪيترن ئي ماڻهن جي زندگيءَ ۾ اهڙا موڙ اچن ٿا جن ۾ انسان پنهنجي فيصلي تي ٻيهر غور ڪري ٿو ۽ پنهنجي گهر ۽ خاندان جي ڀلائيءَ لاءِ ڪوشش ڪري ٿو.
ساڳئي وقت ڪيترن ئي ماڻهن جي زندگيءَ ۾ اهڙا موڙ اچن ٿا جن ۾ انسان پنهنجي فيصلي تي ٻيهر غور ڪري ٿو ۽ پنهنجي گهر ۽ خاندان جي ڀلائيءَ لاءِ ڪوشش ڪري ٿو.
ساڳئي وقت ڪيترن ئي ماڻهن جي زندگيءَ ۾ اهڙا موڙ اچن ٿا جن ۾ انسان پنهنجي فيصلي تي ٻيهر غور ڪري ٿو ۽ پنهنجي گهر ۽ خاندان جي ڀلائيءَ لاءِ ڪوشش ڪري ٿو.
25
احساس
ساڳئي وقت ڪيترن ئي ماڻهن جي زندگيءَ ۾ اهڙا موڙ اچن ٿا جن ۾ انسان پنهنجي فيصلي تي ٻيهر غور ڪري ٿو ۽ پنهنجي گهر ۽ خاندان جي ڀلائيءَ لاءِ ڪوشش ڪري ٿو.
ساڳئي وقت ڪيترن ئي ماڻهن جي زندگيءَ ۾ اهڙا موڙ اچن ٿا جن ۾ انسان پنهنجي فيصلي تي ٻيهر غور ڪري ٿو ۽ پنهنجي گهر ۽ خاندان جي ڀلائيءَ لاءِ ڪوشش ڪري ٿو.
ساڳئي وقت ڪيترن ئي ماڻهن جي زندگيءَ ۾ اهڙا موڙ اچن ٿا جن ۾ انسان پنهنجي فيصلي تي ٻيهر غور ڪري ٿو ۽ پنهنجي گهر ۽ خاندان جي ڀلائيءَ لاءِ ڪوشش ڪري ٿو.
ساڳئي وقت ڪيترن ئي ماڻهن جي زندگيءَ ۾ اهڙا موڙ اچن ٿا جن ۾ انسان پنهنجي فيصلي تي ٻيهر غور ڪري ٿو ۽ پنهنجي گهر ۽ خاندان جي ڀلائيءَ لاءِ ڪوشش ڪري ٿو.
26
زندگي
ساڳئي وقت ڪيترن ئي ماڻهن جي زندگيءَ ۾ اهڙا موڙ اچن ٿا جن ۾ انسان پنهنجي فيصلي تي ٻيهر غور ڪري ٿو ۽ پنهنجي گهر ۽ خاندان جي ڀلائيءَ لاءِ ڪوشش ڪري ٿو.
ساڳئي وقت ڪيترن ئي ماڻهن جي زندگيءَ ۾ اهڙا موڙ اچن ٿا جن ۾ انسان پنهنجي فيصلي تي ٻيهر غور ڪري ٿو ۽ پنهنجي گهر ۽ خاندان جي ڀلائيءَ لاءِ ڪوشش ڪري ٿو.
ساڳئي وقت ڪيترن ئي ماڻهن جي زندگيءَ ۾ اهڙا موڙ اچن ٿا جن ۾ انسان پنهنجي فيصلي تي ٻيهر غور ڪري ٿو ۽ پنهنجي گهر ۽ خاندان جي ڀلائيءَ لاءِ ڪوشش ڪري ٿو.
ساڳئي وقت ڪيترن ئي ماڻهن جي زندگيءَ ۾ اهڙا موڙ اچن ٿا جن ۾ انسان پنهنجي فيصلي تي ٻيهر غور ڪري ٿو ۽ پنهنجي گهر ۽ خاندان جي ڀلائيءَ لاءِ ڪوشش ڪري ٿو.
27
پراڻو شهر
ساڳئي وقت ڪيترن ئي ماڻهن جي زندگيءَ ۾ اهڙا موڙ اچن ٿا جن ۾ انسان پنهنجي فيصلي تي ٻيهر غور ڪري ٿو ۽ پنهنجي گهر ۽ خاندان جي ڀلائيءَ لاءِ ڪوشش ڪري ٿو.
ساڳئي وقت ڪيترن ئي ماڻهن جي زندگيءَ ۾ اهڙا موڙ اچن ٿا جن ۾ انسان پنهنجي فيصلي تي ٻيهر غور ڪري ٿو ۽ پنهنجي گهر ۽ خاندان جي ڀلائيءَ لاءِ ڪوشش ڪري ٿو.
ساڳئي وقت ڪيترن ئي ماڻهن جي زندگيءَ ۾ اهڙا موڙ اچن ٿا جن ۾ انسان پنهنجي فيصلي تي ٻيهر غور ڪري ٿو ۽ پنهنجي گهر ۽ خاندان جي ڀلائيءَ لاءِ ڪوشش ڪري ٿو.
ساڳئي وقت ڪيترن ئي ماڻهن جي زندگيءَ ۾ اهڙا موڙ اچن ٿا جن ۾ انسان پنهنجي فيصلي تي ٻيهر غور ڪري ٿو ۽ پنهنجي گهر ۽ خاندان جي ڀلائيءَ لاءِ ڪوشش ڪري ٿو.
28
ٽائم
ساڳئي وقت ڪيترن ئي ماڻهن جي زندگيءَ ۾ اهڙا موڙ اچن ٿا جن ۾ انسان پنهنجي فيصلي تي ٻيهر غور ڪري ٿو ۽ پنهنجي گهر ۽ خاندان جي ڀلائيءَ لاءِ ڪوشش ڪري ٿو.
ساڳئي وقت ڪيترن ئي ماڻهن جي زندگيءَ ۾ اهڙا موڙ اچن ٿا جن ۾ انسان پنهنجي فيصلي تي ٻيهر غور ڪري ٿو ۽ پنهنجي گهر ۽ خاندان جي ڀلائيءَ لاءِ ڪوشش ڪري ٿو.
ساڳئي وقت ڪيترن ئي ماڻهن جي زندگيءَ ۾ اهڙا موڙ اچن ٿا جن ۾ انسان پنهنجي فيصلي تي ٻيهر غور ڪري ٿو ۽ پنهنجي گهر ۽ خاندان جي ڀلائيءَ لاءِ ڪوشش ڪري ٿو.
ساڳئي وقت ڪيترن ئي ماڻهن جي زندگيءَ ۾ اهڙا موڙ اچن ٿا جن ۾ انسان پنهنجي فيصلي تي ٻيهر غور ڪري ٿو ۽ پنهنجي گهر ۽ خاندان جي ڀلائيءَ لاءِ ڪوشش ڪري ٿو.
29
ماءُ
ساڳئي وقت ڪيترن ئي ماڻهن جي زندگيءَ ۾ اهڙا موڙ اچن ٿا جن ۾ انسان پنهنجي فيصلي تي ٻيهر غور ڪري ٿو ۽ پنهنجي گهر ۽ خاندان جي ڀلائيءَ لاءِ ڪوشش ڪري ٿو.
ساڳئي وقت ڪيترن ئي ماڻهن جي زندگيءَ ۾ اهڙا موڙ اچن ٿا جن ۾ انسان پنهنجي فيصلي تي ٻيهر غور ڪري ٿو ۽ پنهنجي گهر ۽ خاندان جي ڀلائيءَ لاءِ ڪوشش ڪري ٿو.
ساڳئي وقت ڪيترن ئي ماڻهن جي زندگيءَ ۾ اهڙا موڙ اچن ٿا جن ۾ انسان پنهنجي فيصلي تي ٻيهر غور ڪري ٿو ۽ پنهنجي گهر ۽ خاندان جي ڀلائيءَ لاءِ ڪوشش ڪري ٿو.
ساڳئي وقت ڪيترن ئي ماڻهن جي زندگيءَ ۾ اهڙا موڙ اچن ٿا جن ۾ انسان پنهنجي فيصلي تي ٻيهر غور ڪري ٿو ۽ پنهنجي گهر ۽ خاندان جي ڀلائيءَ لاءِ ڪوشش ڪري ٿو.
30
پيءُ
ساڳئي وقت ڪيترن ئي ماڻهن جي زندگيءَ ۾ اهڙا موڙ اچن ٿا جن ۾ انسان پنهنجي فيصلي تي ٻيهر غور ڪري ٿو ۽ پنهنجي گهر ۽ خاندان جي ڀلائيءَ لاءِ ڪوشش ڪري ٿو.
ساڳئي وقت ڪيترن ئي ماڻهن جي زندگيءَ ۾ اهڙا موڙ اچن ٿا جن ۾ انسان پنهنجي فيصلي تي ٻيهر غور ڪري ٿو ۽ پنهنجي گهر ۽ خاندان جي ڀلائيءَ لاءِ ڪوشش ڪري ٿو.
ساڳئي وقت ڪيترن ئي ماڻهن جي زندگيءَ ۾ اهڙا موڙ اچن ٿا جن ۾ انسان پنهنجي فيصلي تي ٻيهر غور ڪري ٿو ۽ پنهنجي گهر ۽ خاندان جي ڀلائيءَ لاءِ ڪوشش ڪري ٿو.
ساڳئي وقت ڪيترن ئي ماڻهن جي زندگيءَ ۾ اهڙا موڙ اچن ٿا جن ۾ انسان پنهنجي فيصلي تي ٻيهر غور ڪري ٿو ۽ پنهنجي گهر ۽ خاندان جي ڀلائيءَ لاءِ ڪوشش ڪري ٿو.
31
گهر
ساڳئي وقت ڪيترن ئي ماڻهن جي زندگيءَ ۾ اهڙا موڙ اچن ٿا جن ۾ انسان پنهنجي فيصلي تي ٻيهر غور ڪري ٿو ۽ پنهنجي گهر ۽ خاندان جي ڀلائيءَ لاءِ ڪوشش ڪري ٿو.
ساڳئي وقت ڪيترن ئي ماڻهن جي زندگيءَ ۾ اهڙا موڙ اچن ٿا جن ۾ انسان پنهنجي فيصلي تي ٻيهر غور ڪري ٿو ۽ پنهنجي گهر ۽ خاندان جي ڀلائيءَ لاءِ ڪوشش ڪري ٿو.
ساڳئي وقت ڪيترن ئي ماڻهن جي زندگيءَ ۾ اهڙا موڙ اچن ٿا جن ۾ انسان پنهنجي فيصلي تي ٻيهر غور ڪري ٿو ۽ پنهنجي گهر ۽ خاندان جي ڀلائيءَ لاءِ ڪوشش ڪري ٿو.
ساڳئي وقت ڪيترن ئي ماڻهن جي زندگيءَ ۾ اهڙا موڙ اچن ٿا جن ۾ انسان پنهنجي فيصلي تي ٻيهر غور ڪري ٿو ۽ پنهنجي گهر ۽ خاندان جي ڀلائيءَ لاءِ ڪوشش ڪري ٿو.
32
شادي
ساڳئي وقت ڪيترن ئي ماڻهن جي زندگيءَ ۾ اهڙا موڙ اچن ٿا جن ۾ انسان پنهنجي فيصلي تي ٻيهر غور ڪري ٿو ۽ پنهنجي گهر ۽ خاندان جي ڀلائيءَ لاءِ ڪوشش ڪري ٿو.
ساڳئي وقت ڪيترن ئي ماڻهن جي زندگيءَ ۾ اهڙا موڙ اچن ٿا جن ۾ انسان پنهنجي فيصلي تي ٻيهر غور ڪري ٿو ۽ پنهنجي گهر ۽ خاندان جي ڀلائيءَ لاءِ ڪوشش ڪري ٿو.
ساڳئي وقت ڪيترن ئي ماڻهن جي زندگيءَ ۾ اهڙا موڙ اچن ٿا جن ۾ انسان پنهنجي فيصلي تي ٻيهر غور ڪري ٿو ۽ پنهنجي گهر ۽ خاندان جي ڀلائيءَ لاءِ ڪوشش ڪري ٿو.
ساڳئي وقت ڪيترن ئي ماڻهن جي زندگيءَ ۾ اهڙا موڙ اچن ٿا جن ۾ انسان پنهنجي فيصلي تي ٻيهر غور ڪري ٿو ۽ پنهنجي گهر ۽ خاندان جي ڀلائيءَ لاءِ ڪوشش ڪري ٿو.
33
منصوبو
ساڳئي وقت ڪيترن ئي ماڻهن جي زندگيءَ ۾ اهڙا موڙ اچن ٿا جن ۾ انسان پنهنجي فيصلي تي ٻيهر غور ڪري ٿو ۽ پنهنجي گهر ۽ خاندان جي ڀلائيءَ لاءِ ڪوشش ڪري ٿو.
ساڳئي وقت ڪيترن ئي ماڻهن جي زندگيءَ ۾ اهڙا موڙ اچن ٿا جن ۾ انسان پنهنجي فيصلي تي ٻيهر غور ڪري ٿو ۽ پنهنجي گهر ۽ خاندان جي ڀلائيءَ لاءِ ڪوشش ڪري ٿو.
ساڳئي وقت ڪيترن ئي ماڻهن جي زندگيءَ ۾ اهڙا موڙ اچن ٿا جن ۾ انسان پنهنجي فيصلي تي ٻيهر غور ڪري ٿو ۽ پنهنجي گهر ۽ خاندان جي ڀلائيءَ لاءِ ڪوشش ڪري ٿو.
ساڳئي وقت ڪيترن ئي ماڻهن جي زندگيءَ ۾ اهڙا موڙ اچن ٿا جن ۾ انسان پنهنجي فيصلي تي ٻيهر غور ڪري ٿو ۽ پنهنجي گهر ۽ خاندان جي ڀلائيءَ لاءِ ڪوشش ڪري ٿو.
34
محبت
ساڳئي وقت ڪيترن ئي ماڻهن جي زندگيءَ ۾ اهڙا موڙ اچن ٿا جن ۾ انسان پنهنجي فيصلي تي ٻيهر غور ڪري ٿو ۽ پنهنجي گهر ۽ خاندان جي ڀلائيءَ لاءِ ڪوشش ڪري ٿو.
ساڳئي وقت ڪيترن ئي ماڻهن جي زندگيءَ ۾ اهڙا موڙ اچن ٿا جن ۾ انسان پنهنجي فيصلي تي ٻيهر غور ڪري ٿو ۽ پنهنجي گهر ۽ خاندان جي ڀلائيءَ لاءِ ڪوشش ڪري ٿو.
ساڳئي وقت ڪيترن ئي ماڻهن جي زندگيءَ ۾ اهڙا موڙ اچن ٿا جن ۾ انسان پنهنجي فيصلي تي ٻيهر غور ڪري ٿو ۽ پنهنجي گهر ۽ خاندان جي ڀلائيءَ لاءِ ڪوشش ڪري ٿو.
ساڳئي وقت ڪيترن ئي ماڻهن جي زندگيءَ ۾ اهڙا موڙ اچن ٿا جن ۾ انسان پنهنجي فيصلي تي ٻيهر غور ڪري ٿو ۽ پنهنجي گهر ۽ خاندان جي ڀلائيءَ لاءِ ڪوشش ڪري ٿو.
35
مذاق
ساڳئي وقت ڪيترن ئي ماڻهن جي زندگيءَ ۾ اهڙا موڙ اچن ٿا جن ۾ انسان پنهنجي فيصلي تي ٻيهر غور ڪري ٿو ۽ پنهنجي گهر ۽ خاندان جي ڀلائيءَ لاءِ ڪوشش ڪري ٿو.
ساڳئي وقت ڪيترن ئي ماڻهن جي زندگيءَ ۾ اهڙا موڙ اچن ٿا جن ۾ انسان پنهنجي فيصلي تي ٻيهر غور ڪري ٿو ۽ پنهنجي گهر ۽ خاندان جي ڀلائيءَ لاءِ ڪوشش ڪري ٿو.
ساڳئي وقت ڪيترن ئي ماڻهن جي زندگيءَ ۾ اهڙا موڙ اچن ٿا جن ۾ انسان پنهنجي فيصلي تي ٻيهر غور ڪري ٿو ۽ پنهنجي گهر ۽ خاندان جي ڀلائيءَ لاءِ ڪوشش ڪري ٿو.
ساڳئي وقت ڪيترن ئي ماڻهن جي زندگيءَ ۾ اهڙا موڙ اچن ٿا جن ۾ انسان پنهنجي فيصلي تي ٻيهر غور ڪري ٿو ۽ پنهنجي گهر ۽ خاندان جي ڀلائيءَ لاءِ ڪوشش ڪري ٿو.
36
ڊاڪٽر
ساڳئي وقت ڪيترن ئي ماڻهن جي زندگيءَ ۾ اهڙا موڙ اچن ٿا جن ۾ انسان پنهنجي فيصلي تي ٻيهر غور ڪري ٿو ۽ پنهنجي گهر ۽ خاندان جي ڀلائيءَ لاءِ ڪوشش ڪري ٿو.
ساڳئي وقت ڪيترن ئي ماڻهن جي زندگيءَ ۾ اهڙا موڙ اچن ٿا جن ۾ انسان پنهنجي فيصلي تي ٻيهر غور ڪري ٿو ۽ پنهنجي گهر ۽ خاندان جي ڀلائيءَ لاءِ ڪوشش ڪري ٿو.
ساڳئي وقت ڪيترن ئي ماڻهن جي زندگيءَ ۾ اهڙا موڙ اچن ٿا جن ۾ انسان پنهنجي فيصلي تي ٻيهر غور ڪري ٿو ۽ پنهنجي گهر ۽ خاندان جي ڀلائيءَ لاءِ ڪوشش ڪري ٿو.
ساڳئي وقت ڪيترن ئي ماڻهن جي زندگيءَ ۾ اهڙا موڙ اچن ٿا جن ۾ انسان پنهنجي فيصلي تي ٻيهر غور ڪري ٿو ۽ پنهنجي گهر ۽ خاندان جي ڀلائيءَ لاءِ ڪوشش ڪري ٿو.
37
فرض
ساڳئي وقت ڪيترن ئي ماڻهن جي زندگيءَ ۾ اهڙا موڙ اچن ٿا جن ۾ انسان پنهنجي فيصلي تي ٻيهر غور ڪري ٿو ۽ پنهنجي گهر ۽ خاندان جي ڀلائيءَ لاءِ ڪوشش ڪري ٿو.
ساڳئي وقت ڪيترن ئي ماڻهن جي زندگيءَ ۾ اهڙا موڙ اچن ٿا جن ۾ انسان پنهنجي فيصلي تي ٻيهر غور ڪري ٿو ۽ پنهنجي گهر ۽ خاندان جي ڀلائيءَ لاءِ ڪوشش ڪري ٿو.
ساڳئي وقت ڪيترن ئي ماڻهن جي زندگيءَ ۾ اهڙا موڙ اچن ٿا جن ۾ انسان پنهنجي فيصلي تي ٻيهر غور ڪري ٿو ۽ پنهنجي گهر ۽ خاندان جي ڀلائيءَ لاءِ ڪوشش ڪري ٿو.
ساڳئي وقت ڪيترن ئي ماڻهن جي زندگيءَ ۾ اهڙا موڙ اچن ٿا جن ۾ انسان پنهنجي فيصلي تي ٻيهر غور ڪري ٿو ۽ پنهنجي گهر ۽ خاندان جي ڀلائيءَ لاءِ ڪوشش ڪري ٿو.
38
اعتماد
ساڳئي وقت ڪيترن ئي ماڻهن جي زندگيءَ ۾ اهڙا موڙ اچن ٿا جن ۾ انسان پنهنجي فيصلي تي ٻيهر غور ڪري ٿو ۽ پنهنجي گهر ۽ خاندان جي ڀلائيءَ لاءِ ڪوشش ڪري ٿو.
ساڳئي وقت ڪيترن ئي ماڻهن جي زندگيءَ ۾ اهڙا موڙ اچن ٿا جن ۾ انسان پنهنجي فيصلي تي ٻيهر غور ڪري ٿو ۽ پنهنجي گهر ۽ خاندان جي ڀلائيءَ لاءِ ڪوشش ڪري ٿو.
ساڳئي وقت ڪيترن ئي ماڻهن جي زندگيءَ ۾ اهڙا موڙ اچن ٿا جن ۾ انسان پنهنجي فيصلي تي ٻيهر غور ڪري ٿو ۽ پنهنجي گهر ۽ خاندان جي ڀلائيءَ لاءِ ڪوشش ڪري ٿو.
ساڳئي وقت ڪيترن ئي ماڻهن جي زندگيءَ ۾ اهڙا موڙ اچن ٿا جن ۾ انسان پنهنجي فيصلي تي ٻيهر غور ڪري ٿو ۽ پنهنجي گهر ۽ خاندان جي ڀلائيءَ لاءِ ڪوشش ڪري ٿو.
39
مسئلو
ساڳئي وقت ڪيترن ئي ماڻهن جي زندگيءَ ۾ اهڙا موڙ اچن ٿا جن ۾ انسان پنهنجي فيصلي تي ٻيهر غور ڪري ٿو ۽ پنهنجي گهر ۽ خاندان جي ڀلائيءَ لاءِ ڪوشش ڪري ٿو.
ساڳئي وقت ڪيترن ئي ماڻهن جي زندگيءَ ۾ اهڙا موڙ اچن ٿا جن ۾ انسان پنهنجي فيصلي تي ٻيهر غور ڪري ٿو ۽ پنهنجي گهر ۽ خاندان جي ڀلائيءَ لاءِ ڪوشش ڪري ٿو.
ساڳئي وقت ڪيترن ئي ماڻهن جي زندگيءَ ۾ اهڙا موڙ اچن ٿا جن ۾ انسان پنهنجي فيصلي تي ٻيهر غور ڪري ٿو ۽ پنهنجي گهر ۽ خاندان جي ڀلائيءَ لاءِ ڪوشش ڪري ٿو.
ساڳئي وقت ڪيترن ئي ماڻهن جي زندگيءَ ۾ اهڙا موڙ اچن ٿا جن ۾ انسان پنهنجي فيصلي تي ٻيهر غور ڪري ٿو ۽ پنهنجي گهر ۽ خاندان جي ڀلائيءَ لاءِ ڪوشش ڪري ٿو.
40
تڪرار
ساڳئي وقت ڪيترن ئي ماڻهن جي زندگيءَ ۾ اهڙا موڙ اچن ٿا جن ۾ انسان پنهنجي فيصلي تي ٻيهر غور ڪري ٿو ۽ پنهنجي گهر ۽ خاندان جي ڀلائيءَ لاءِ ڪوشش ڪري ٿو.
ساڳئي وقت ڪيترن ئي ماڻهن جي زندگيءَ ۾ اهڙا موڙ اچن ٿا جن ۾ انسان پنهنجي فيصلي تي ٻيهر غور ڪري ٿو ۽ پنهنجي گهر ۽ خاندان جي ڀلائيءَ لاءِ ڪوشش ڪري ٿو.
ساڳئي وقت ڪيترن ئي ماڻهن جي زندگيءَ ۾ اهڙا موڙ اچن ٿا جن ۾ انسان پنهنجي فيصلي تي ٻيهر غور ڪري ٿو ۽ پنهنجي گهر ۽ خاندان جي ڀلائيءَ لاءِ ڪوشش ڪري ٿو.
ساڳئي وقت ڪيترن ئي ماڻهن جي زندگيءَ ۾ اهڙا موڙ اچن ٿا جن ۾ انسان پنهنجي فيصلي تي ٻيهر غور ڪري ٿو ۽ پنهنجي گهر ۽ خاندان جي ڀلائيءَ لاءِ ڪوشش ڪري ٿو.
41
دوست
ساڳئي وقت ڪيترن ئي ماڻهن جي زندگيءَ ۾ اهڙا موڙ اچن ٿا جن ۾ انسان پنهنجي فيصلي تي ٻيهر غور ڪري ٿو ۽ پنهنجي گهر ۽ خاندان جي ڀلائيءَ لاءِ ڪوشش ڪري ٿو.
ساڳئي وقت ڪيترن ئي ماڻهن جي زندگيءَ ۾ اهڙا موڙ اچن ٿا جن ۾ انسان پنهنجي فيصلي تي ٻيهر غور ڪري ٿو ۽ پنهنجي گهر ۽ خاندان جي ڀلائيءَ لاءِ ڪوشش ڪري ٿو.
ساڳئي وقت ڪيترن ئي ماڻهن جي زندگيءَ ۾ اهڙا موڙ اچن ٿا جن ۾ انسان پنهنجي فيصلي تي ٻيهر غور ڪري ٿو ۽ پنهنجي گهر ۽ خاندان جي ڀلائيءَ لاءِ ڪوشش ڪري ٿو.
ساڳئي وقت ڪيترن ئي ماڻهن جي زندگيءَ ۾ اهڙا موڙ اچن ٿا جن ۾ انسان پنهنجي فيصلي تي ٻيهر غور ڪري ٿو ۽ پنهنجي گهر ۽ خاندان جي ڀلائيءَ لاءِ ڪوشش ڪري ٿو.
42
سفر
ساڳئي وقت ڪيترن ئي ماڻهن جي زندگيءَ ۾ اهڙا موڙ اچن ٿا جن ۾ انسان پنهنجي فيصلي تي ٻيهر غور ڪري ٿو ۽ پنهنجي گهر ۽ خاندان جي ڀلائيءَ لاءِ ڪوشش ڪري ٿو.
ساڳئي وقت ڪيترن ئي ماڻهن جي زندگيءَ ۾ اهڙا موڙ اچن ٿا جن ۾ انسان پنهنجي فيصلي تي ٻيهر غور ڪري ٿو ۽ پنهنجي گهر ۽ خاندان جي ڀلائيءَ لاءِ ڪوشش ڪري ٿو.
ساڳئي وقت ڪيترن ئي ماڻهن جي زندگيءَ ۾ اهڙا موڙ اچن ٿا جن ۾ انسان پنهنجي فيصلي تي ٻيهر غور ڪري ٿو ۽ پنهنجي گهر ۽ خاندان جي ڀلائيءَ لاءِ ڪوشش ڪري ٿو.
ساڳئي وقت ڪيترن ئي ماڻهن جي زندگيءَ ۾ اهڙا موڙ اچن ٿا جن ۾ انسان پنهنجي فيصلي تي ٻيهر غور ڪري ٿو ۽ پنهنجي گهر ۽ خاندان جي ڀلائيءَ لاءِ ڪوشش ڪري ٿو.
43
شهر
ساڳئي وقت ڪيترن ئي ماڻهن جي زندگيءَ ۾ اهڙا موڙ اچن ٿا جن ۾ انسان پنهنجي فيصلي تي ٻيهر غور ڪري ٿو ۽ پنهنجي گهر ۽ خاندان جي ڀلائيءَ لاءِ ڪوشش ڪري ٿو.
ساڳئي وقت ڪيترن ئي ماڻهن جي زندگيءَ ۾ اهڙا موڙ اچن ٿا جن ۾ انسان پنهنجي فيصلي تي ٻيهر غور ڪري ٿو ۽ پنهنجي گهر ۽ خاندان جي ڀلائيءَ لاءِ ڪوشش ڪري ٿو.
ساڳئي وقت ڪيترن ئي ماڻهن جي زندگيءَ ۾ اهڙا موڙ اچن ٿا جن ۾ انسان پنهنجي فيصلي تي ٻيهر غور ڪري ٿو ۽ پنهنجي گهر ۽ خاندان جي ڀلائيءَ لاءِ ڪوشش ڪري ٿو.
ساڳئي وقت ڪيترن ئي ماڻهن جي زندگيءَ ۾ اهڙا موڙ اچن ٿا جن ۾ انسان پنهنجي فيصلي تي ٻيهر غور ڪري ٿو ۽ پنهنجي گهر ۽ خاندان جي ڀلائيءَ لاءِ ڪوشش ڪري ٿو.
44
ڳوٺ
ساڳئي وقت ڪيترن ئي ماڻهن جي زندگيءَ ۾ اهڙا موڙ اچن ٿا جن ۾ انسان پنهنجي فيصلي تي ٻيهر غور ڪري ٿو ۽ پنهنجي گهر ۽ خاندان جي ڀلائيءَ لاءِ ڪوشش ڪري ٿو.
ساڳئي وقت ڪيترن ئي ماڻهن جي زندگيءَ ۾ اهڙا موڙ اچن ٿا جن ۾ انسان پنهنجي فيصلي تي ٻيهر غور ڪري ٿو ۽ پنهنجي گهر ۽ خاندان جي ڀلائيءَ لاءِ ڪوشش ڪري ٿو.
ساڳئي وقت ڪيترن ئي ماڻهن جي زندگيءَ ۾ اهڙا موڙ اچن ٿا جن ۾ انسان پنهنجي فيصلي تي ٻيهر غور ڪري ٿو ۽ پنهنجي گهر ۽ خاندان جي ڀلائيءَ لاءِ ڪوشش ڪري ٿو.
ساڳئي وقت ڪيترن ئي ماڻهن جي زندگيءَ ۾ اهڙا موڙ اچن ٿا جن ۾ انسان پنهنجي فيصلي تي ٻيهر غور ڪري ٿو ۽ پنهنجي گهر ۽ خاندان جي ڀلائيءَ لاءِ ڪوشش ڪري ٿو.
45
ٻار
ساڳئي وقت ڪيترن ئي ماڻهن جي زندگيءَ ۾ اهڙا موڙ اچن ٿا جن ۾ انسان پنهنجي فيصلي تي ٻيهر غور ڪري ٿو ۽ پنهنجي گهر ۽ خاندان جي ڀلائيءَ لاءِ ڪوشش ڪري ٿو.
ساڳئي وقت ڪيترن ئي ماڻهن جي زندگيءَ ۾ اهڙا موڙ اچن ٿا جن ۾ انسان پنهنجي فيصلي تي ٻيهر غور ڪري ٿو ۽ پنهنجي گهر ۽ خاندان جي ڀلائيءَ لاءِ ڪوشش ڪري ٿو.
ساڳئي وقت ڪيترن ئي ماڻهن جي زندگيءَ ۾ اهڙا موڙ اچن ٿا جن ۾ انسان پنهنجي فيصلي تي ٻيهر غور ڪري ٿو ۽ پنهنجي گهر ۽ خاندان جي ڀلائيءَ لاءِ ڪوشش ڪري ٿو.
ساڳئي وقت ڪيترن ئي ماڻهن جي زندگيءَ ۾ اهڙا موڙ اچن ٿا جن ۾ انسان پنهنجي فيصلي تي ٻيهر غور ڪري ٿو ۽ پنهنجي گهر ۽ خاندان جي ڀلائيءَ لاءِ ڪوشش ڪري ٿو.
46
امير
ساڳئي وقت ڪيترن ئي ماڻهن جي زندگيءَ ۾ اهڙا موڙ اچن ٿا جن ۾ انسان پنهنجي فيصلي تي ٻيهر غور ڪري ٿو ۽ پنهنجي گهر ۽ خاندان جي ڀلائيءَ لاءِ ڪوشش ڪري ٿو.
ساڳئي وقت ڪيترن ئي ماڻهن جي زندگيءَ ۾ اهڙا موڙ اچن ٿا جن ۾ انسان پنهنجي فيصلي تي ٻيهر غور ڪري ٿو ۽ پنهنجي گهر ۽ خاندان جي ڀلائيءَ لاءِ ڪوشش ڪري ٿو.
ساڳئي وقت ڪيترن ئي ماڻهن جي زندگيءَ ۾ اهڙا موڙ اچن ٿا جن ۾ انسان پنهنجي فيصلي تي ٻيهر غور ڪري ٿو ۽ پنهنجي گهر ۽ خاندان جي ڀلائيءَ لاءِ ڪوشش ڪري ٿو.
ساڳئي وقت ڪيترن ئي ماڻهن جي زندگيءَ ۾ اهڙا موڙ اچن ٿا جن ۾ انسان پنهنجي فيصلي تي ٻيهر غور ڪري ٿو ۽ پنهنجي گهر ۽ خاندان جي ڀلائيءَ لاءِ ڪوشش ڪري ٿو.
47
غريب
ساڳئي وقت ڪيترن ئي ماڻهن جي زندگيءَ ۾ اهڙا موڙ اچن ٿا جن ۾ انسان پنهنجي فيصلي تي ٻيهر غور ڪري ٿو ۽ پنهنجي گهر ۽ خاندان جي ڀلائيءَ لاءِ ڪوشش ڪري ٿو.
ساڳئي وقت ڪيترن ئي ماڻهن جي زندگيءَ ۾ اهڙا موڙ اچن ٿا جن ۾ انسان پنهنجي فيصلي تي ٻيهر غور ڪري ٿو ۽ پنهنجي گهر ۽ خاندان جي ڀلائيءَ لاءِ ڪوشش ڪري ٿو.
ساڳئي وقت ڪيترن ئي ماڻهن جي زندگيءَ ۾ اهڙا موڙ اچن ٿا جن ۾ انسان پنهنجي فيصلي تي ٻيهر غور ڪري ٿو ۽ پنهنجي گهر ۽ خاندان جي ڀلائيءَ لاءِ ڪوشش ڪري ٿو.
ساڳئي وقت ڪيترن ئي ماڻهن جي زندگيءَ ۾ اهڙا موڙ اچن ٿا جن ۾ انسان پنهنجي فيصلي تي ٻيهر غور ڪري ٿو ۽ پنهنجي گهر ۽ خاندان جي ڀلائيءَ لاءِ ڪوشش ڪري ٿو.
48
ٻچا
ساڳئي وقت ڪيترن ئي ماڻهن جي زندگيءَ ۾ اهڙا موڙ اچن ٿا جن ۾ انسان پنهنجي فيصلي تي ٻيهر غور ڪري ٿو ۽ پنهنجي گهر ۽ خاندان جي ڀلائيءَ لاءِ ڪوشش ڪري ٿو.
ساڳئي وقت ڪيترن ئي ماڻهن جي زندگيءَ ۾ اهڙا موڙ اچن ٿا جن ۾ انسان پنهنجي فيصلي تي ٻيهر غور ڪري ٿو ۽ پنهنجي گهر ۽ خاندان جي ڀلائيءَ لاءِ ڪوشش ڪري ٿو.
ساڳئي وقت ڪيترن ئي ماڻهن جي زندگيءَ ۾ اهڙا موڙ اچن ٿا جن ۾ انسان پنهنجي فيصلي تي ٻيهر غور ڪري ٿو ۽ پنهنجي گهر ۽ خاندان جي ڀلائيءَ لاءِ ڪوشش ڪري ٿو.
ساڳئي وقت ڪيترن ئي ماڻهن جي زندگيءَ ۾ اهڙا موڙ اچن ٿا جن ۾ انسان پنهنجي فيصلي تي ٻيهر غور ڪري ٿو ۽ پنهنجي گهر ۽ خاندان جي ڀلائيءَ لاءِ ڪوشش ڪري ٿو.
49
وارث
ساڳئي وقت ڪيترن ئي ماڻهن جي زندگيءَ ۾ اهڙا موڙ اچن ٿا جن ۾ انسان پنهنجي فيصلي تي ٻيهر غور ڪري ٿو ۽ پنهنجي گهر ۽ خاندان جي ڀلائيءَ لاءِ ڪوشش ڪري ٿو.
ساڳئي وقت ڪيترن ئي ماڻهن جي زندگيءَ ۾ اهڙا موڙ اچن ٿا جن ۾ انسان پنهنجي فيصلي تي ٻيهر غور ڪري ٿو ۽ پنهنجي گهر ۽ خاندان جي ڀلائيءَ لاءِ ڪوشش ڪري ٿو.
ساڳئي وقت ڪيترن ئي ماڻهن جي زندگيءَ ۾ اهڙا موڙ اچن ٿا جن ۾ انسان پنهنجي فيصلي تي ٻيهر غور ڪري ٿو ۽ پنهنجي گهر ۽ خاندان جي ڀلائيءَ لاءِ ڪوشش ڪري ٿو.
ساڳئي وقت ڪيترن ئي ماڻهن جي زندگيءَ ۾ اهڙا موڙ اچن ٿا جن ۾ انسان پنهنجي فيصلي تي ٻيهر غور ڪري ٿو ۽ پنهنجي گهر ۽ خاندان جي ڀلائيءَ لاءِ ڪوشش ڪري ٿو.
50
فيصلو
ساڳئي وقت ڪيترن ئي ماڻهن جي زندگيءَ ۾ اهڙا موڙ اچن ٿا جن ۾ انسان پنهنجي فيصلي تي ٻيهر غور ڪري ٿو ۽ پنهنجي گهر ۽ خاندان جي ڀلائيءَ لاءِ ڪوشش ڪري ٿو.
ساڳئي وقت ڪيترن ئي ماڻهن جي زندگيءَ ۾ اهڙا موڙ اچن ٿا جن ۾ انسان پنهنجي فيصلي تي ٻيهر غور ڪري ٿو ۽ پنهنجي گهر ۽ خاندان جي ڀلائيءَ لاءِ ڪوشش ڪري ٿو.
ساڳئي وقت ڪيترن ئي ماڻهن جي زندگيءَ ۾ اهڙا موڙ اچن ٿا جن ۾ انسان پنهنجي فيصلي تي ٻيهر غور ڪري ٿو ۽ پنهنجي گهر ۽ خاندان جي ڀلائيءَ لاءِ ڪوشش ڪري ٿو.
ساڳئي وقت ڪيترن ئي ماڻهن جي زندگيءَ ۾ اهڙا موڙ اچن ٿا جن ۾ انسان پنهنجي فيصلي تي ٻيهر غور ڪري ٿو ۽ پنهنجي گهر ۽ خاندان جي ڀلائيءَ لاءِ ڪوشش ڪري ٿو.
51
ڪاروبار
ساڳئي وقت ڪيترن ئي ماڻهن جي زندگيءَ ۾ اهڙا موڙ اچن ٿا جن ۾ انسان پنهنجي فيصلي تي ٻيهر غور ڪري ٿو ۽ پنهنجي گهر ۽ خاندان جي ڀلائيءَ لاءِ ڪوشش ڪري ٿو.
ساڳئي وقت ڪيترن ئي ماڻهن جي زندگيءَ ۾ اهڙا موڙ اچن ٿا جن ۾ انسان پنهنجي فيصلي تي ٻيهر غور ڪري ٿو ۽ پنهنجي گهر ۽ خاندان جي ڀلائيءَ لاءِ ڪوشش ڪري ٿو.
ساڳئي وقت ڪيترن ئي ماڻهن جي زندگيءَ ۾ اهڙا موڙ اچن ٿا جن ۾ انسان پنهنجي فيصلي تي ٻيهر غور ڪري ٿو ۽ پنهنجي گهر ۽ خاندان جي ڀلائيءَ لاءِ ڪوشش ڪري ٿو.
ساڳئي وقت ڪيترن ئي ماڻهن جي زندگيءَ ۾ اهڙا موڙ اچن ٿا جن ۾ انسان پنهنجي فيصلي تي ٻيهر غور ڪري ٿو ۽ پنهنجي گهر ۽ خاندان جي ڀلائيءَ لاءِ ڪوشش ڪري ٿو.
52
ڪتاب
ساڳئي وقت ڪيترن ئي ماڻهن جي زندگيءَ ۾ اهڙا موڙ اچن ٿا جن ۾ انسان پنهنجي فيصلي تي ٻيهر غور ڪري ٿو ۽ پنهنجي گهر ۽ خاندان جي ڀلائيءَ لاءِ ڪوشش ڪري ٿو.
ساڳئي وقت ڪيترن ئي ماڻهن جي زندگيءَ ۾ اهڙا موڙ اچن ٿا جن ۾ انسان پنهنجي فيصلي تي ٻيهر غور ڪري ٿو ۽ پنهنجي گهر ۽ خاندان جي ڀلائيءَ لاءِ ڪوشش ڪري ٿو.
ساڳئي وقت ڪيترن ئي ماڻهن جي زندگيءَ ۾ اهڙا موڙ اچن ٿا جن ۾ انسان پنهنجي فيصلي تي ٻيهر غور ڪري ٿو ۽ پنهنجي گهر ۽ خاندان جي ڀلائيءَ لاءِ ڪوشش ڪري ٿو.
ساڳئي وقت ڪيترن ئي ماڻهن جي زندگيءَ ۾ اهڙا موڙ اچن ٿا جن ۾ انسان پنهنجي فيصلي تي ٻيهر غور ڪري ٿو ۽ پنهنجي گهر ۽ خاندان جي ڀلائيءَ لاءِ ڪوشش ڪري ٿو.
